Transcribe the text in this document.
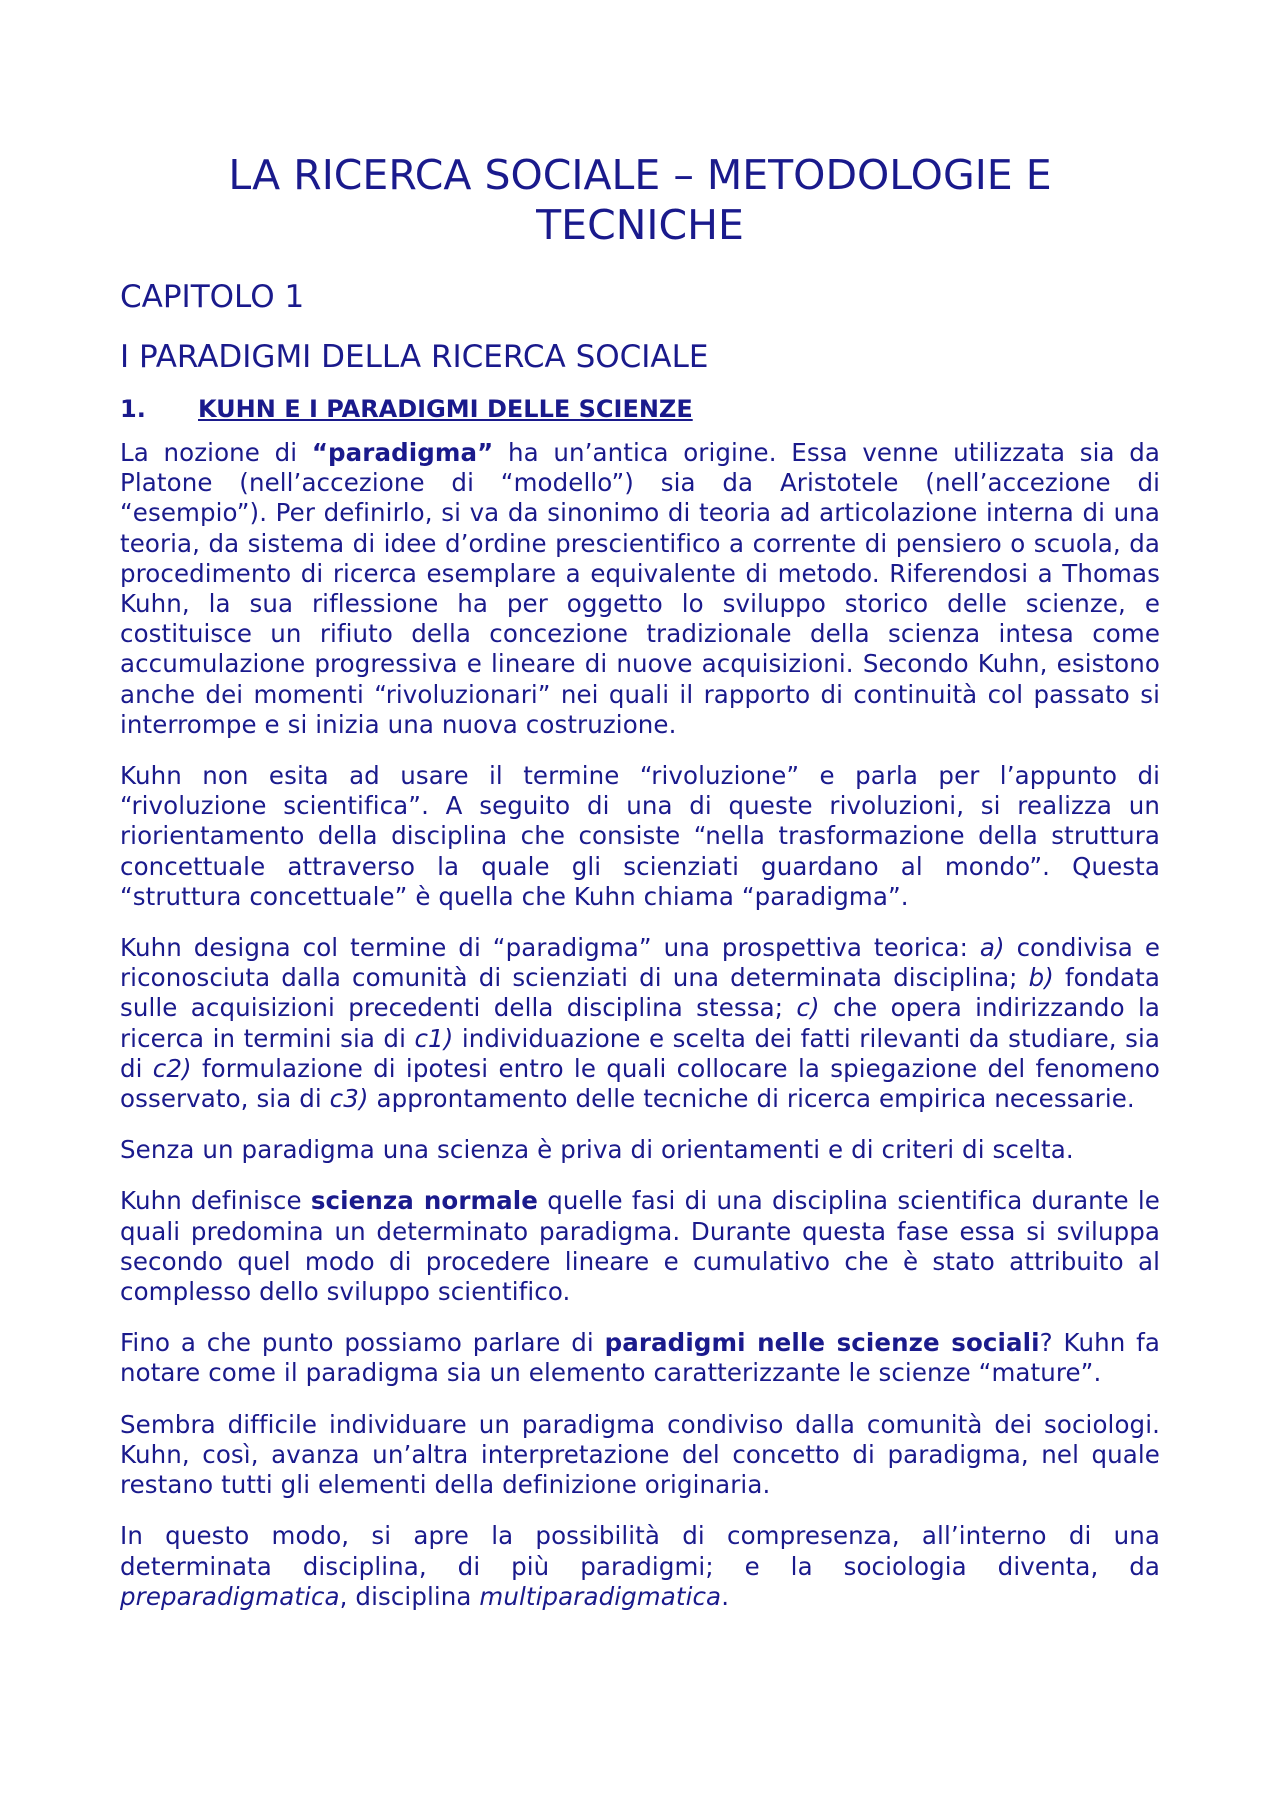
LA RICERCA SOCIALE – METODOLOGIE E
TECNICHE
CAPITOLO 1
I PARADIGMI DELLA RICERCA SOCIALE
1. KUHN E I PARADIGMI DELLE SCIENZE

La nozione di “paradigma” ha un’antica origine. Essa venne utilizzata sia da Platone (nell’accezione di “modello”) sia da Aristotele (nell’accezione di “esempio”). Per definirlo, si va da sinonimo di teoria ad articolazione interna di una teoria, da sistema di idee d’ordine prescientifico a corrente di pensiero o scuola, da procedimento di ricerca esemplare a equivalente di metodo. Riferendosi a Thomas Kuhn, la sua riflessione ha per oggetto lo sviluppo storico delle scienze, e costituisce un rifiuto della concezione tradizionale della scienza intesa come accumulazione progressiva e lineare di nuove acquisizioni. Secondo Kuhn, esistono anche dei momenti “rivoluzionari” nei quali il rapporto di continuità col passato si interrompe e si inizia una nuova costruzione.

Kuhn non esita ad usare il termine “rivoluzione” e parla per l’appunto di “rivoluzione scientifica”. A seguito di una di queste rivoluzioni, si realizza un riorientamento della disciplina che consiste “nella trasformazione della struttura concettuale attraverso la quale gli scienziati guardano al mondo”. Questa “struttura concettuale” è quella che Kuhn chiama “paradigma”.

Kuhn designa col termine di “paradigma” una prospettiva teorica: a) condivisa e riconosciuta dalla comunità di scienziati di una determinata disciplina; b) fondata sulle acquisizioni precedenti della disciplina stessa; c) che opera indirizzando la ricerca in termini sia di c1) individuazione e scelta dei fatti rilevanti da studiare, sia di c2) formulazione di ipotesi entro le quali collocare la spiegazione del fenomeno osservato, sia di c3) approntamento delle tecniche di ricerca empirica necessarie.

Senza un paradigma una scienza è priva di orientamenti e di criteri di scelta.

Kuhn definisce scienza normale quelle fasi di una disciplina scientifica durante le quali predomina un determinato paradigma. Durante questa fase essa si sviluppa secondo quel modo di procedere lineare e cumulativo che è stato attribuito al complesso dello sviluppo scientifico.

Fino a che punto possiamo parlare di paradigmi nelle scienze sociali? Kuhn fa notare come il paradigma sia un elemento caratterizzante le scienze “mature”.

Sembra difficile individuare un paradigma condiviso dalla comunità dei sociologi. Kuhn, così, avanza un’altra interpretazione del concetto di paradigma, nel quale restano tutti gli elementi della definizione originaria.

In questo modo, si apre la possibilità di compresenza, all’interno di una determinata disciplina, di più paradigmi; e la sociologia diventa, da preparadigmatica, disciplina multiparadigmatica.
